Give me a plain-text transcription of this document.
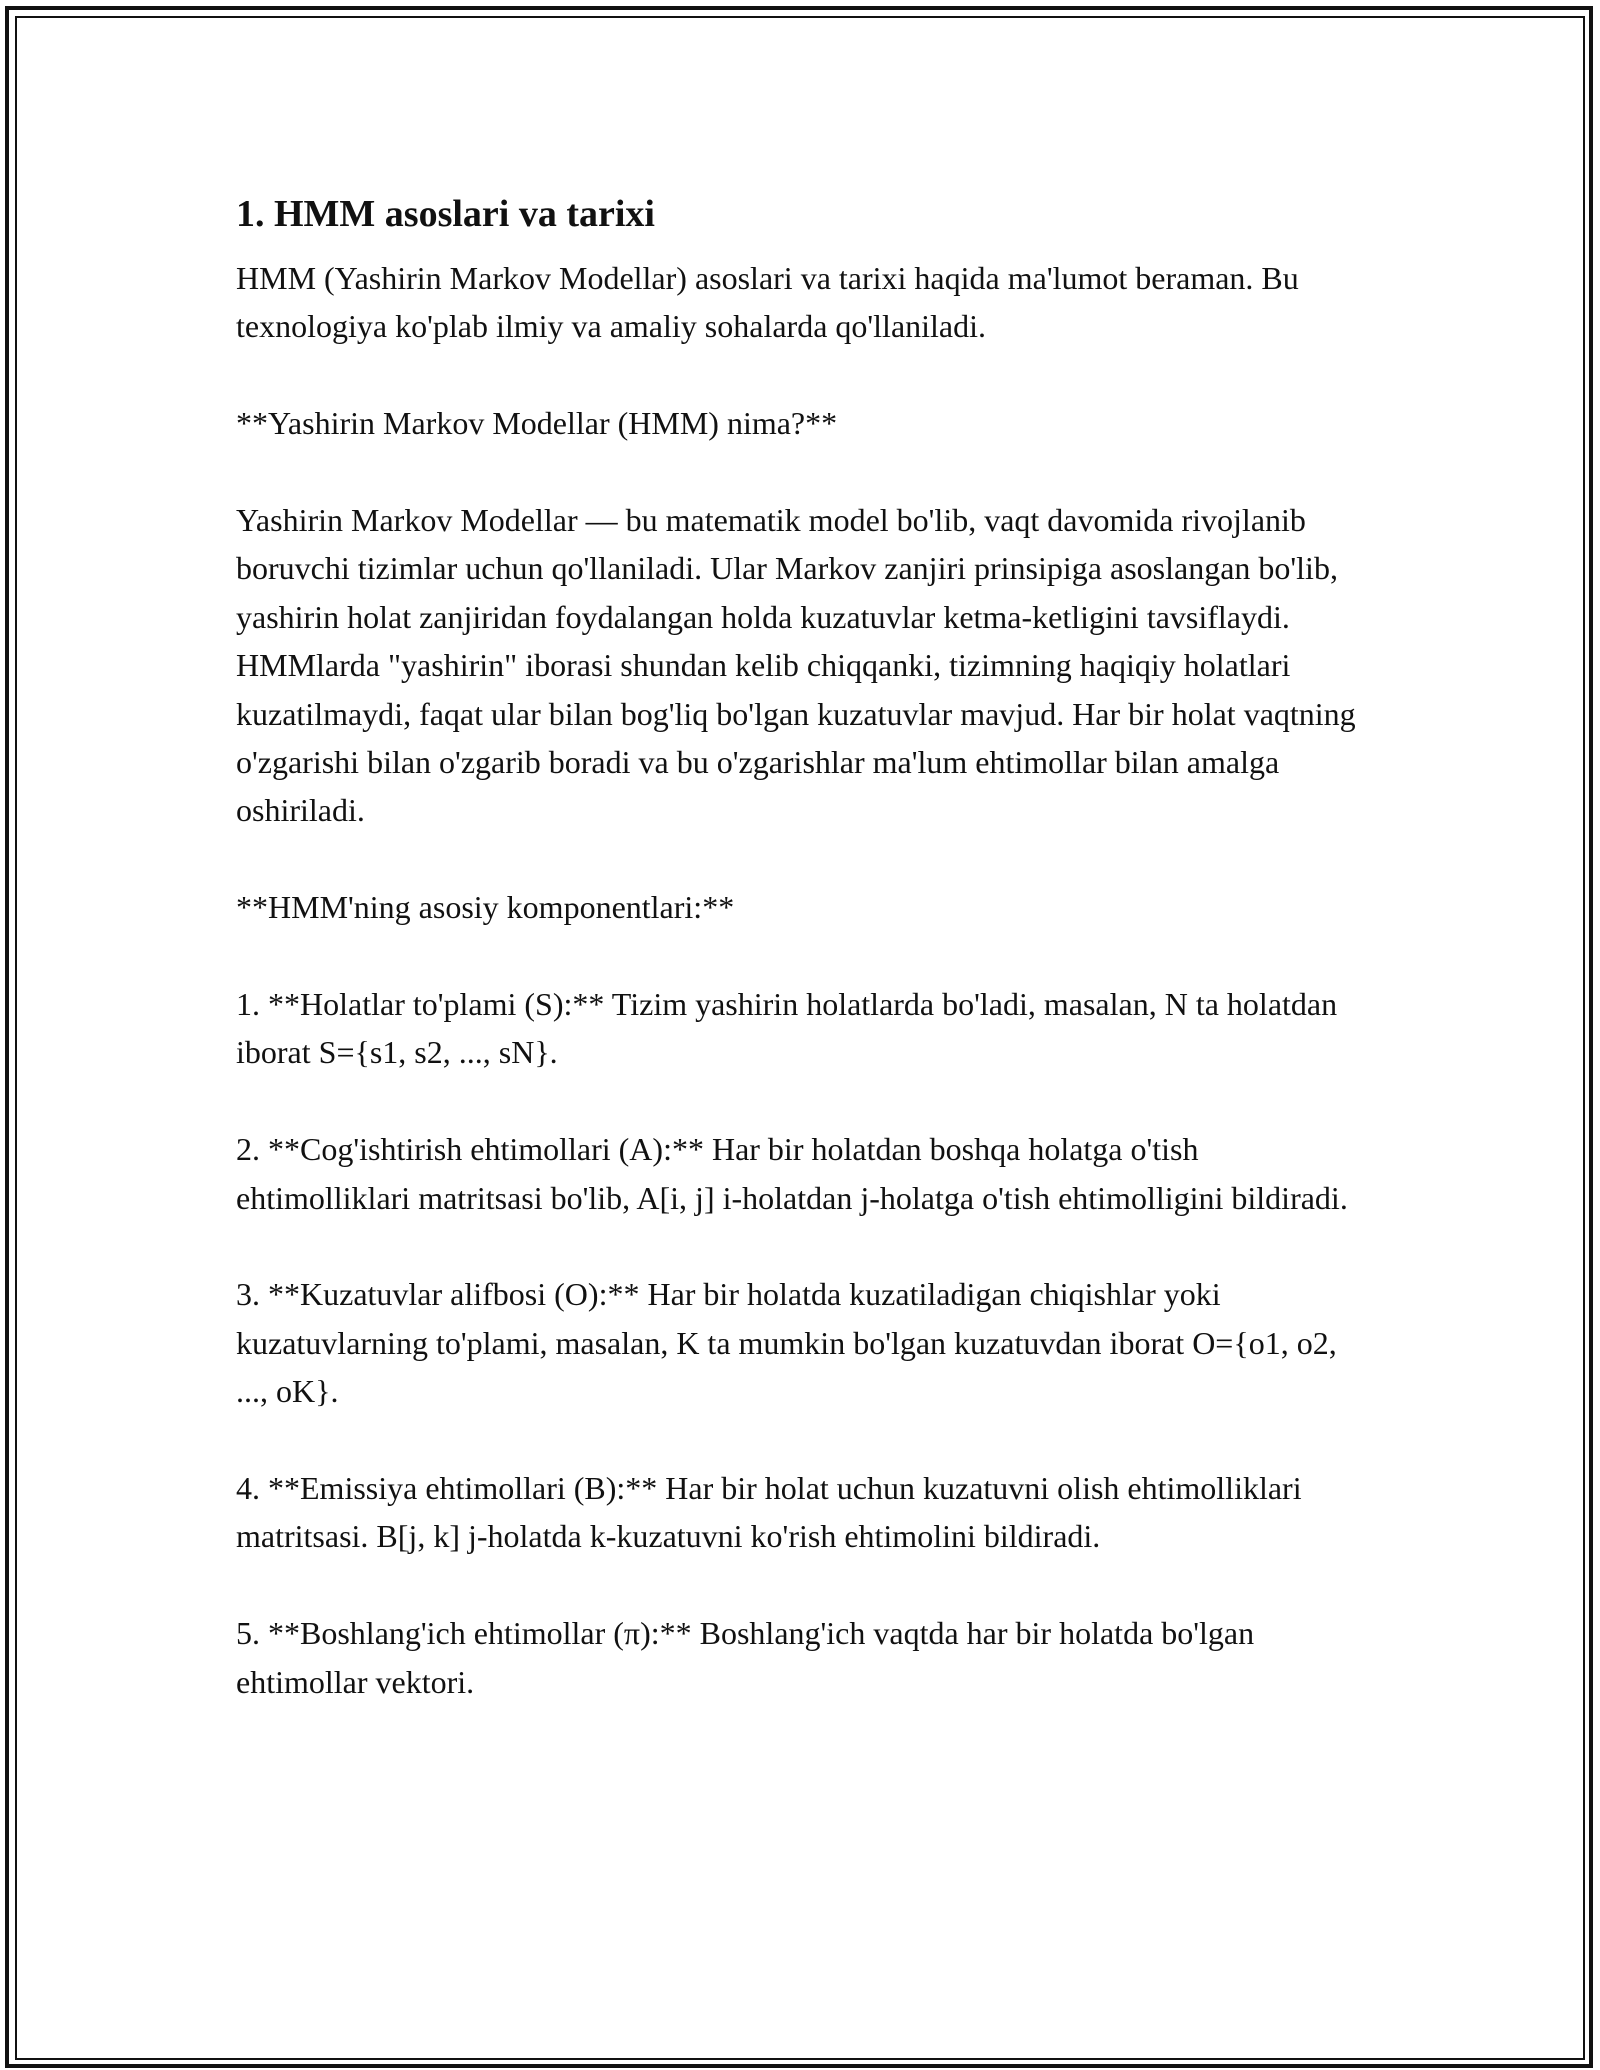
1. HMM asoslari va tarixi

HMM (Yashirin Markov Modellar) asoslari va tarixi haqida ma'lumot beraman. Bu texnologiya ko'plab ilmiy va amaliy sohalarda qo'llaniladi.

**Yashirin Markov Modellar (HMM) nima?**

Yashirin Markov Modellar — bu matematik model bo'lib, vaqt davomida rivojlanib boruvchi tizimlar uchun qo'llaniladi. Ular Markov zanjiri prinsipiga asoslangan bo'lib, yashirin holat zanjiridan foydalangan holda kuzatuvlar ketma-ketligini tavsiflaydi. HMMlarda "yashirin" iborasi shundan kelib chiqqanki, tizimning haqiqiy holatlari kuzatilmaydi, faqat ular bilan bog'liq bo'lgan kuzatuvlar mavjud. Har bir holat vaqtning o'zgarishi bilan o'zgarib boradi va bu o'zgarishlar ma'lum ehtimollar bilan amalga oshiriladi.

**HMM'ning asosiy komponentlari:**

1. **Holatlar to'plami (S):** Tizim yashirin holatlarda bo'ladi, masalan, N ta holatdan iborat S={s1, s2, ..., sN}.

2. **Cog'ishtirish ehtimollari (A):** Har bir holatdan boshqa holatga o'tish ehtimolliklari matritsasi bo'lib, A[i, j] i-holatdan j-holatga o'tish ehtimolligini bildiradi.

3. **Kuzatuvlar alifbosi (O):** Har bir holatda kuzatiladigan chiqishlar yoki kuzatuvlarning to'plami, masalan, K ta mumkin bo'lgan kuzatuvdan iborat O={o1, o2, ..., oK}.

4. **Emissiya ehtimollari (B):** Har bir holat uchun kuzatuvni olish ehtimolliklari matritsasi. B[j, k] j-holatda k-kuzatuvni ko'rish ehtimolini bildiradi.

5. **Boshlang'ich ehtimollar (π):** Boshlang'ich vaqtda har bir holatda bo'lgan ehtimollar vektori.
